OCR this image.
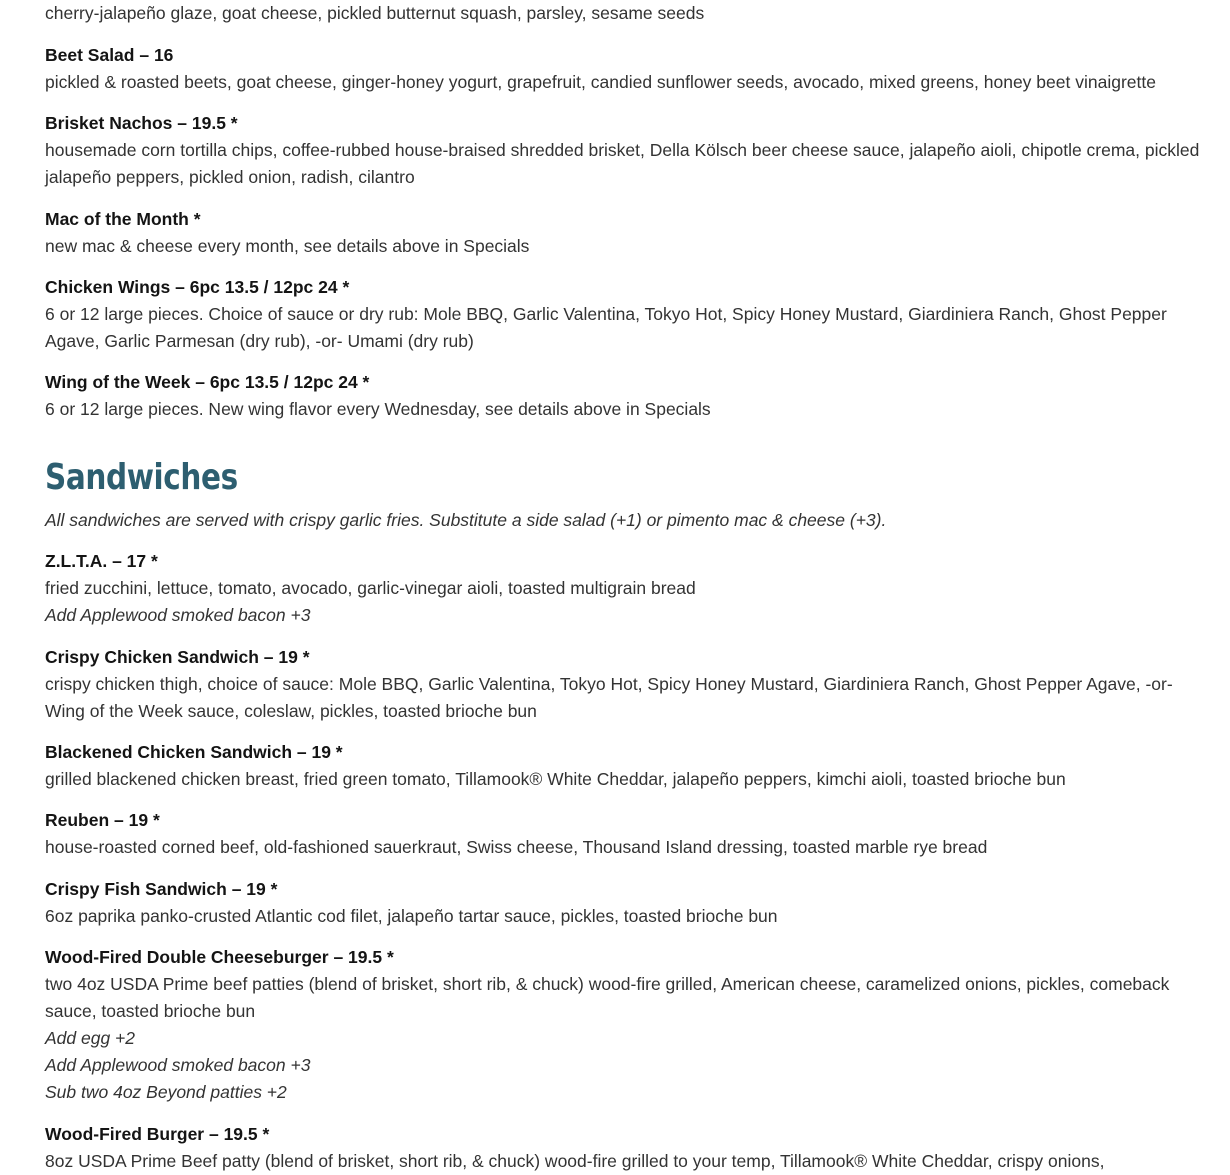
cherry-jalapeño glaze, goat cheese, pickled butternut squash, parsley, sesame seeds

Beet Salad – 16

pickled & roasted beets, goat cheese, ginger-honey yogurt, grapefruit, candied sunflower seeds, avocado, mixed greens, honey beet vinaigrette

Brisket Nachos – 19.5 *

housemade corn tortilla chips, coffee-rubbed house-braised shredded brisket, Della Kölsch beer cheese sauce, jalapeño aioli, chipotle crema, pickled

jalapeño peppers, pickled onion, radish, cilantro

Mac of the Month *

new mac & cheese every month, see details above in Specials

Chicken Wings – 6pc 13.5 / 12pc 24 *

6 or 12 large pieces. Choice of sauce or dry rub: Mole BBQ, Garlic Valentina, Tokyo Hot, Spicy Honey Mustard, Giardiniera Ranch, Ghost Pepper

Agave, Garlic Parmesan (dry rub), -or- Umami (dry rub)

Wing of the Week – 6pc 13.5 / 12pc 24 *

6 or 12 large pieces. New wing flavor every Wednesday, see details above in Specials

Sandwiches

All sandwiches are served with crispy garlic fries. Substitute a side salad (+1) or pimento mac & cheese (+3).

Z.L.T.A. – 17 *

fried zucchini, lettuce, tomato, avocado, garlic-vinegar aioli, toasted multigrain bread

Add Applewood smoked bacon +3

Crispy Chicken Sandwich – 19 *

crispy chicken thigh, choice of sauce: Mole BBQ, Garlic Valentina, Tokyo Hot, Spicy Honey Mustard, Giardiniera Ranch, Ghost Pepper Agave, -or-

Wing of the Week sauce, coleslaw, pickles, toasted brioche bun

Blackened Chicken Sandwich – 19 *

grilled blackened chicken breast, fried green tomato, Tillamook® White Cheddar, jalapeño peppers, kimchi aioli, toasted brioche bun

Reuben – 19 *

house-roasted corned beef, old-fashioned sauerkraut, Swiss cheese, Thousand Island dressing, toasted marble rye bread

Crispy Fish Sandwich – 19 *

6oz paprika panko-crusted Atlantic cod filet, jalapeño tartar sauce, pickles, toasted brioche bun

Wood-Fired Double Cheeseburger – 19.5 *

two 4oz USDA Prime beef patties (blend of brisket, short rib, & chuck) wood-fire grilled, American cheese, caramelized onions, pickles, comeback

sauce, toasted brioche bun

Add egg +2

Add Applewood smoked bacon +3

Sub two 4oz Beyond patties +2

Wood-Fired Burger – 19.5 *

8oz USDA Prime Beef patty (blend of brisket, short rib, & chuck) wood-fire grilled to your temp, Tillamook® White Cheddar, crispy onions,
